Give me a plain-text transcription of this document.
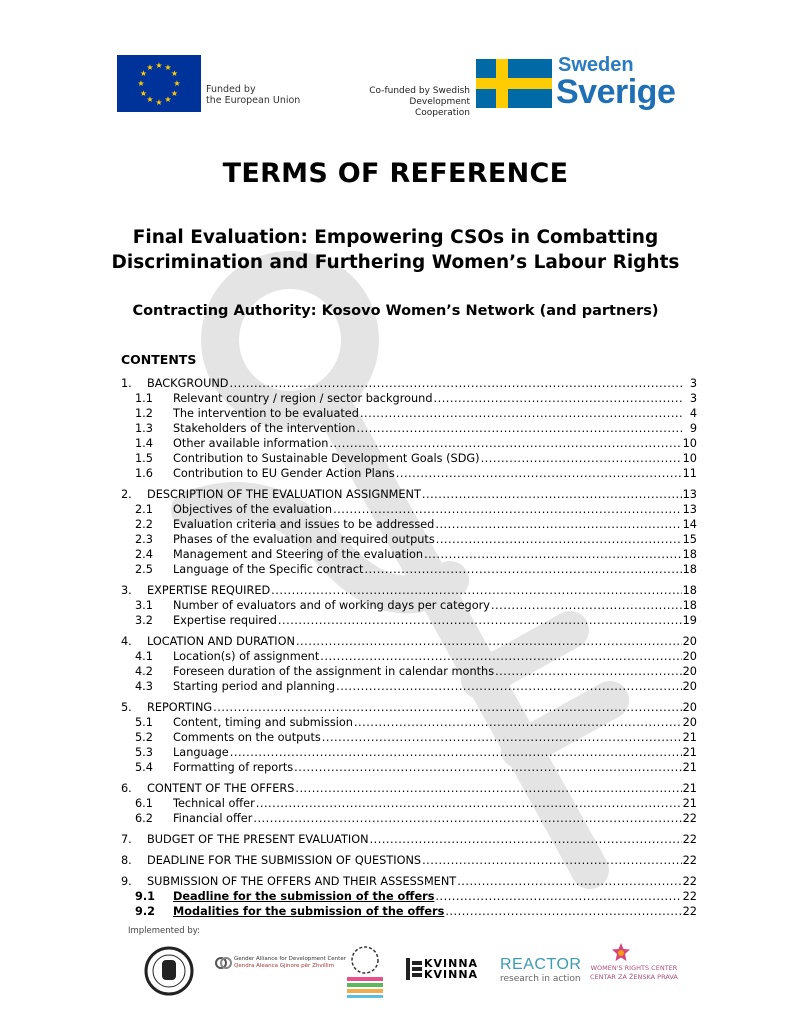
★ ★
★
★
★
★
★
★
★
★
★
★
Funded by
the European Union
Co-funded by Swedish
Development Cooperation
Sweden
Sverige
TERMS OF REFERENCE
Final Evaluation: Empowering CSOs in Combatting
Discrimination and Furthering Women’s Labour Rights
Contracting Authority: Kosovo Women’s Network (and partners)
CONTENTS
1.	BACKGROUND .....	3
1.1	Relevant country / region / sector background .....	3
1.2	The intervention to be evaluated .....	4
1.3	Stakeholders of the intervention .....	9
1.4	Other available information .....	10
1.5	Contribution to Sustainable Development Goals (SDG) .....	10
1.6	Contribution to EU Gender Action Plans .....	11
2.	DESCRIPTION OF THE EVALUATION ASSIGNMENT .....	13
2.1	Objectives of the evaluation .....	13
2.2	Evaluation criteria and issues to be addressed .....	14
2.3	Phases of the evaluation and required outputs .....	15
2.4	Management and Steering of the evaluation .....	18
2.5	Language of the Specific contract .....	18
3.	EXPERTISE REQUIRED .....	18
3.1	Number of evaluators and of working days per category .....	18
3.2	Expertise required .....	19
4.	LOCATION AND DURATION .....	20
4.1	Location(s) of assignment .....	20
4.2	Foreseen duration of the assignment in calendar months .....	20
4.3	Starting period and planning .....	20
5.	REPORTING .....	20
5.1	Content, timing and submission .....	20
5.2	Comments on the outputs .....	21
5.3	Language .....	21
5.4	Formatting of reports .....	21
6.	CONTENT OF THE OFFERS .....	21
6.1	Technical offer .....	21
6.2	Financial offer .....	22
7.	BUDGET OF THE PRESENT EVALUATION .....	22
8.	DEADLINE FOR THE SUBMISSION OF QUESTIONS .....	22
9.	SUBMISSION OF THE OFFERS AND THEIR ASSESSMENT .....	22
9.1	Deadline for the submission of the offers .....	22
9.2	Modalities for the submission of the offers .....	22
Implemented by:
Gender Alliance for Development Center
Qendra Aleanca Gjinore për Zhvillim	KVINNA
KVINNA
REACTOR
research in action
WOMEN'S RIGHTS CENTER
CENTAR ZA ŽENSKA PRAVA
